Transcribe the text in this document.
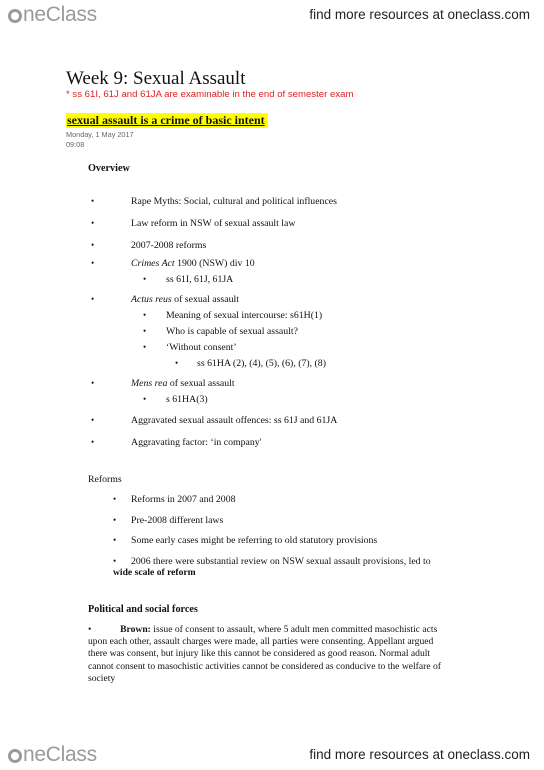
neClass	find more resources at oneclass.com
Week 9: Sexual Assault
* ss 61I, 61J and 61JA are examinable in the end of semester exam
sexual assault is a crime of basic intent
Monday, 1 May 2017
09:08
Overview
•	Rape Myths: Social, cultural and political influences
•	Law reform in NSW of sexual assault law
•	2007-2008 reforms
•	Crimes Act 1900 (NSW) div 10
• ss 61I, 61J, 61JA
•	Actus reus of sexual assault
• Meaning of sexual intercourse: s61H(1)
• Who is capable of sexual assault?
• ‘Without consent’
• ss 61HA (2), (4), (5), (6), (7), (8)
•	Mens rea of sexual assault
• s 61HA(3)
•	Aggravated sexual assault offences: ss 61J and 61JA
•	Aggravating factor: ‘in company'
Reforms
• Reforms in 2007 and 2008
• Pre-2008 different laws
• Some early cases might be referring to old statutory provisions
• 2006 there were substantial review on NSW sexual assault provisions, led to
wide scale of reform
Political and social forces
•	Brown: issue of consent to assault, where 5 adult men committed masochistic acts upon each other, assault charges were made, all parties were consenting. Appellant argued there was consent, but injury like this cannot be considered as good reason. Normal adult cannot consent to masochistic activities cannot be considered as conducive to the welfare of society
neClass	find more resources at oneclass.com
